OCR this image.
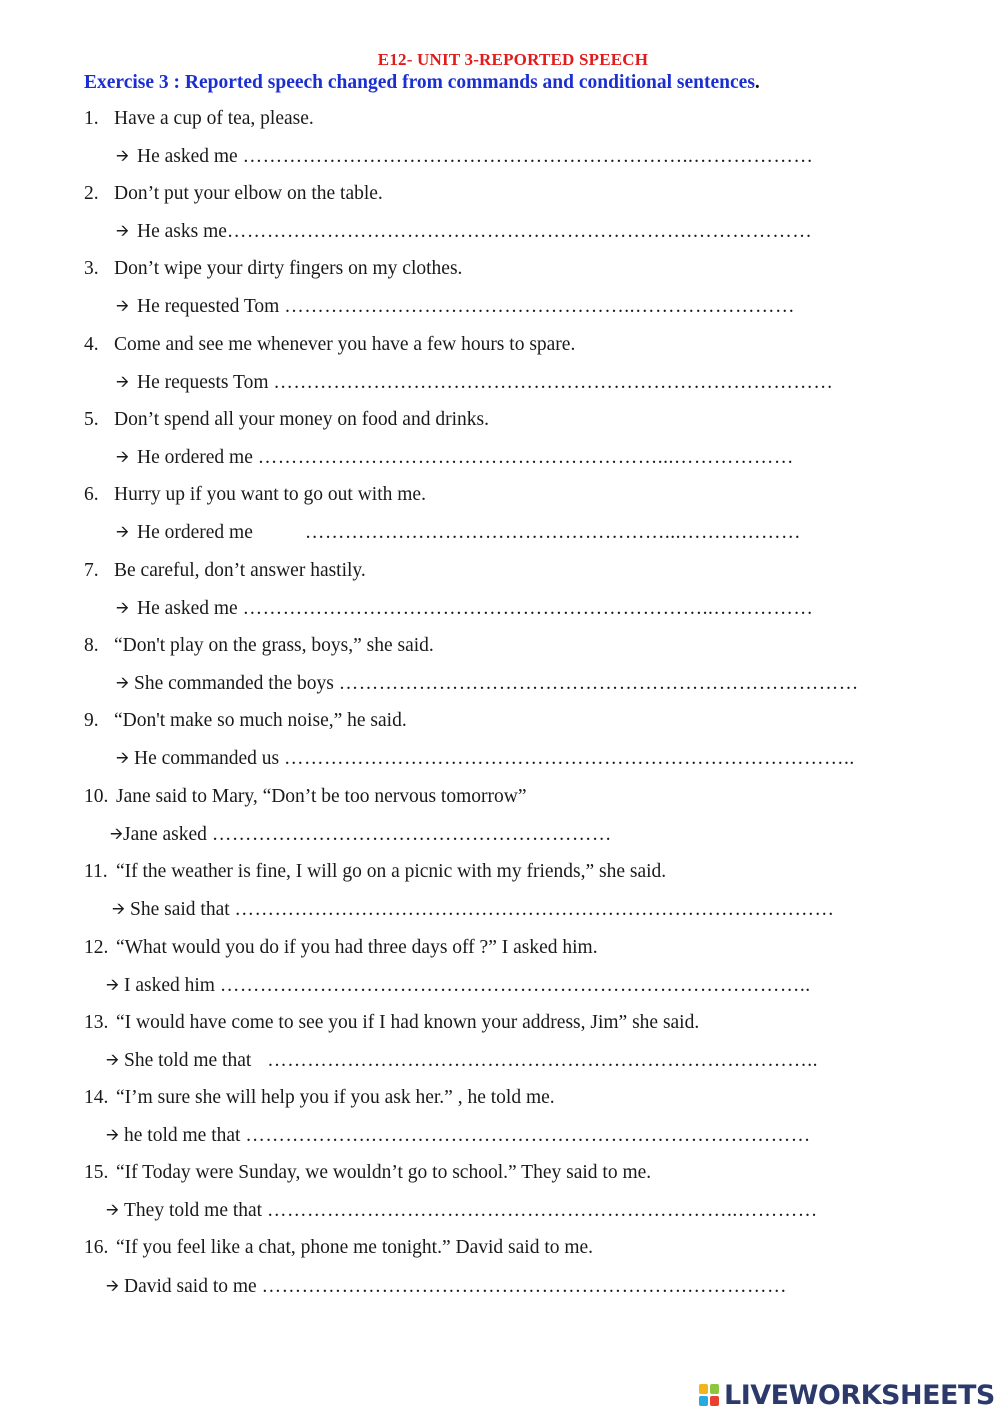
E12- UNIT 3-REPORTED SPEECH
Exercise 3 : Reported speech changed from commands and conditional sentences.
1. Have a cup of tea, please.
🡪 He asked me …………………………………………………………..………………
2. Don’t put your elbow on the table.
🡪 He asks me…………………………………………………………….………………
3. Don’t wipe your dirty fingers on my clothes.
🡪 He requested Tom ……………………………………………..……………………
4. Come and see me whenever you have a few hours to spare.
🡪 He requests Tom …………………………………………………………………………
5. Don’t spend all your money on food and drinks.
🡪 He ordered me ……………………………………………………...………………
6. Hurry up if you want to go out with me.
🡪 He ordered me	………………………………………………...………………
7. Be careful, don’t answer hastily.
🡪 He asked me ……………………………………………………………..……………
8. “Don't play on the grass, boys,” she said.
🡪 She commanded the boys ……………………………………………………………………
9. “Don't make so much noise,” he said.
🡪 He commanded us …………………………………………………………………………..
10. Jane said to Mary, “Don’t be too nervous tomorrow”
🡪Jane asked ……………………………………………………
11. “If the weather is fine, I will go on a picnic with my friends,” she said.
🡪 She said that ………………………………………………………………………………
12. “What would you do if you had three days off ?” I asked him.
🡪 I asked him ……………………………………………………………………………..
13. “I would have come to see you if I had known your address, Jim” she said.
🡪 She told me that ………………………………………………………………………..
14. “I’m sure she will help you if you ask her.” , he told me.
🡪 he told me that ……………….…………………………………………………………
15. “If Today were Sunday, we wouldn’t go to school.” They said to me.
🡪 They told me that ……………………………………………………………..…………
16. “If you feel like a chat, phone me tonight.” David said to me.
🡪 David said to me ……………………………………………………….……………
LIVEWORKSHEETS
